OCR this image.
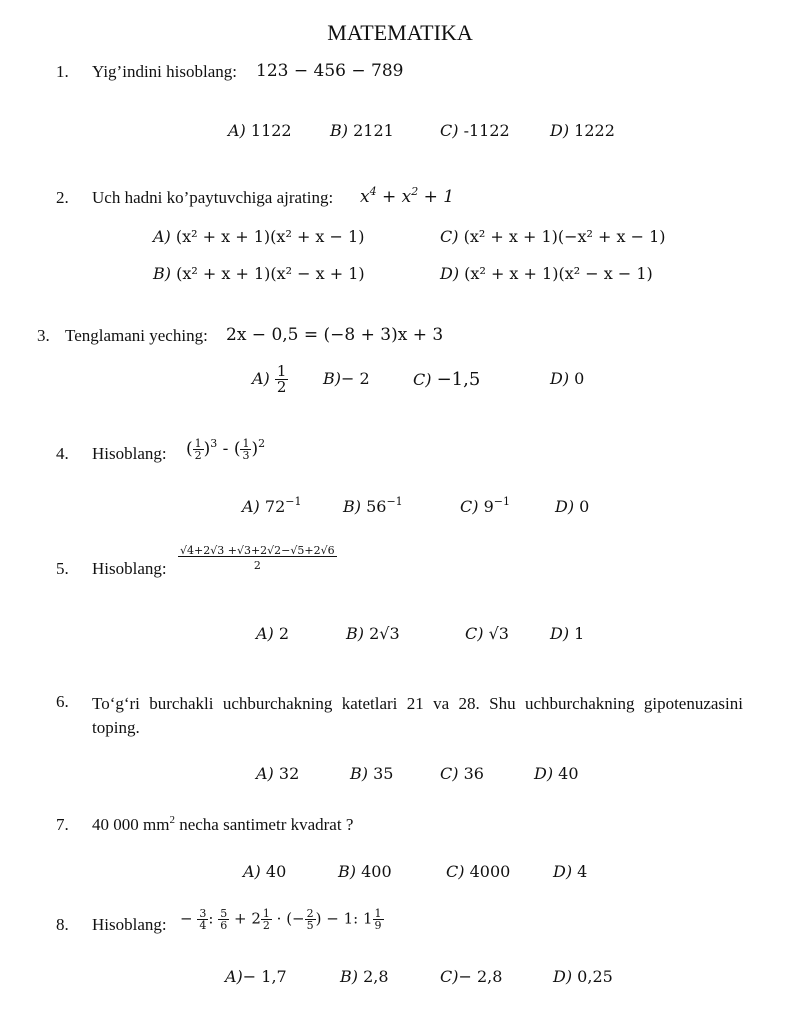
MATEMATIKA
1. Yig’indini hisoblang: 123 − 456 − 789
A) 1122 B) 2121	C) -1122	D) 1222
2. Uch hadni ko’paytuvchiga ajrating: $x^4 + x^2 + 1$
A) (x² + x + 1)(x² + x − 1)	C) (x² + x + 1)(−x² + x − 1)
B) (x² + x + 1)(x² − x + 1)	D) (x² + x + 1)(x² − x − 1)
3. Tenglamani yeching: 2x − 0,5 = (−8 + 3)x + 3
$A) \frac{1}{2} B)- 2$	C) −1,5	D) 0
4. Hisoblang: ( $\frac{1}{2} )^3$ - ( $\frac{1}{3} )^2$
A) $72^{-1}$	B) $56^{-1}$	C) $9^{-1}$	D) 0
5. Hisoblang: $\frac{√4+2√3 +√3+2√2-√5+2√6}{2}$
A) 2	B) 2√3	C) √3	D) 1
6. To‘g‘ri burchakli uchburchakning katetlari 21 va 28. Shu uchburchakning gipotenuzasini toping.
A) 32	B) 35	C) 36	D) 40
7. 40 000 $mm^2$ necha santimetr kvadrat ?
A) 40	B) 400	C) 4000	D) 4
8. Hisoblang: − $\frac{3}{4}$ : $\frac{5}{6} + 2 \frac{1}{2}$ · (− $\frac{2}{5}$ ) − 1: $1 \frac{1}{9}$
A)− 1,7	B) 2,8	C)− 2,8	D) 0,25
